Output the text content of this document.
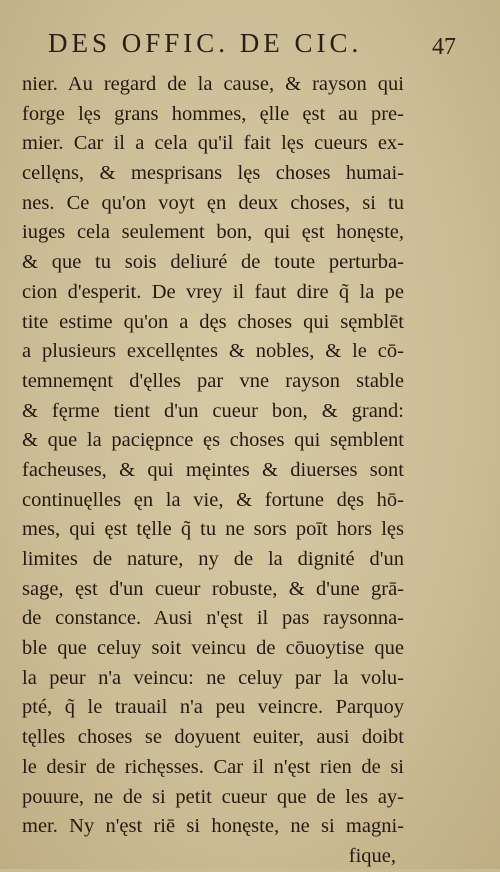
DES OFFIC. DE CIC.	47
nier. Au regard de la cause, & rayson qui
forge lęs grans hommes, ęlle ęst au pre-
mier. Car il a cela qu'il fait lęs cueurs ex-
cellęns, & mesprisans lęs choses humai-
nes. Ce qu'on voyt ęn deux choses, si tu
iuges cela seulement bon, qui ęst honęste,
& que tu sois deliuré de toute perturba-
cion d'esperit. De vrey il faut dire q̃ la pe
tite estime qu'on a dęs choses qui sęmblēt
a plusieurs excellęntes & nobles, & le cō-
temnemęnt d'ęlles par vne rayson stable
& fęrme tient d'un cueur bon, & grand:
& que la paciępnce ęs choses qui sęmblent
facheuses, & qui męintes & diuerses sont
continuęlles ęn la vie, & fortune dęs hō-
mes, qui ęst tęlle q̃ tu ne sors poīt hors lęs
limites de nature, ny de la dignité d'un
sage, ęst d'un cueur robuste, & d'une grā-
de constance. Ausi n'ęst il pas raysonna-
ble que celuy soit veincu de cōuoytise que
la peur n'a veincu: ne celuy par la volu-
pté, q̃ le trauail n'a peu veincre. Parquoy
tęlles choses se doyuent euiter, ausi doibt
le desir de richęsses. Car il n'ęst rien de si
pouure, ne de si petit cueur que de les ay-
mer. Ny n'ęst riē si honęste, ne si magni-
fique,
